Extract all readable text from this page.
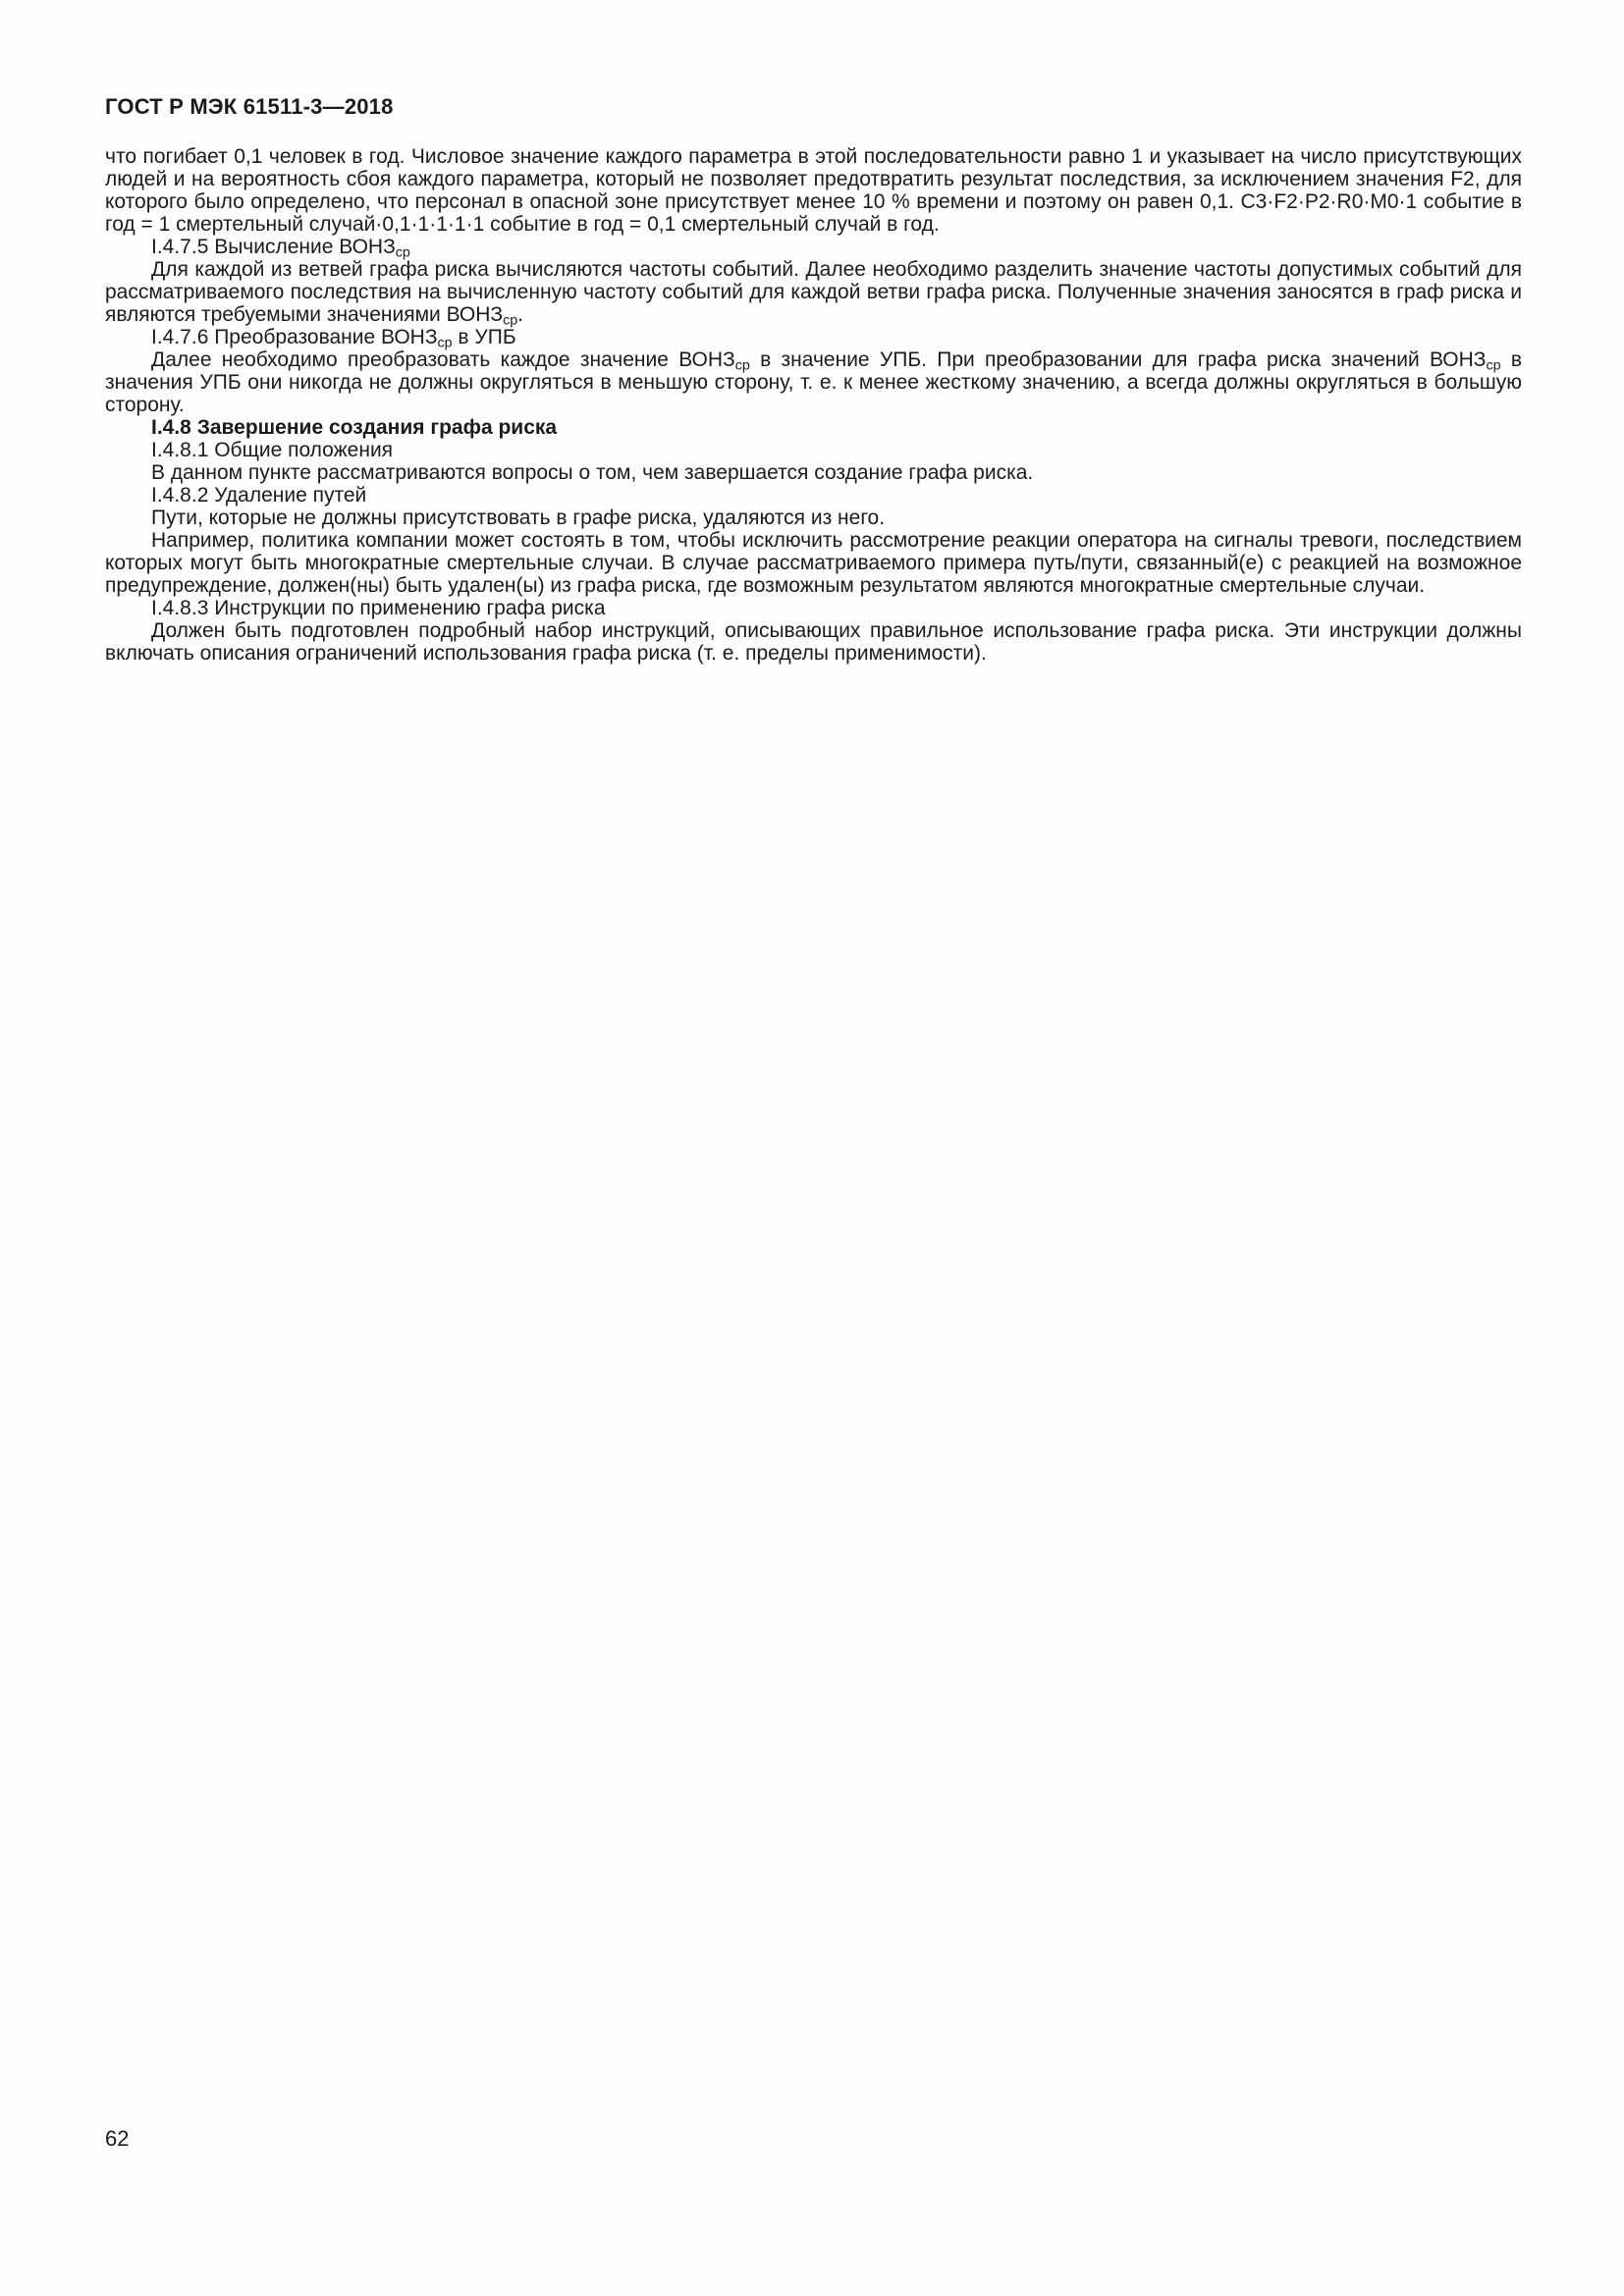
ГОСТ Р МЭК 61511-3—2018

что погибает 0,1 человек в год. Числовое значение каждого параметра в этой последовательности равно 1 и указывает на число присутствующих людей и на вероятность сбоя каждого параметра, который не позволяет предотвратить результат последствия, за исключением значения F2, для которого было определено, что персонал в опасной зоне присутствует менее 10 % времени и поэтому он равен 0,1. C3·F2·P2·R0·M0·1 событие в год = 1 смертельный случай·0,1·1·1·1·1 событие в год = 0,1 смертельный случай в год.

I.4.7.5 Вычисление $ВОНЗ_{ср}$

Для каждой из ветвей графа риска вычисляются частоты событий. Далее необходимо разделить значение частоты допустимых событий для рассматриваемого последствия на вычисленную частоту событий для каждой ветви графа риска. Полученные значения заносятся в граф риска и являются требуемыми значениями $ВОНЗ_{ср}$.

I.4.7.6 Преобразование $ВОНЗ_{ср}$ в УПБ

Далее необходимо преобразовать каждое значение $ВОНЗ_{ср}$ в значение УПБ. При преобразовании для графа риска значений $ВОНЗ_{ср}$ в значения УПБ они никогда не должны округляться в меньшую сторону, т. е. к менее жесткому значению, а всегда должны округляться в большую сторону.

I.4.8 Завершение создания графа риска

I.4.8.1 Общие положения

В данном пункте рассматриваются вопросы о том, чем завершается создание графа риска.

I.4.8.2 Удаление путей

Пути, которые не должны присутствовать в графе риска, удаляются из него.

Например, политика компании может состоять в том, чтобы исключить рассмотрение реакции оператора на сигналы тревоги, последствием которых могут быть многократные смертельные случаи. В случае рассматриваемого примера путь/пути, связанный(е) с реакцией на возможное предупреждение, должен(ны) быть удален(ы) из графа риска, где возможным результатом являются многократные смертельные случаи.

I.4.8.3 Инструкции по применению графа риска

Должен быть подготовлен подробный набор инструкций, описывающих правильное использование графа риска. Эти инструкции должны включать описания ограничений использования графа риска (т. е. пределы применимости).

62
